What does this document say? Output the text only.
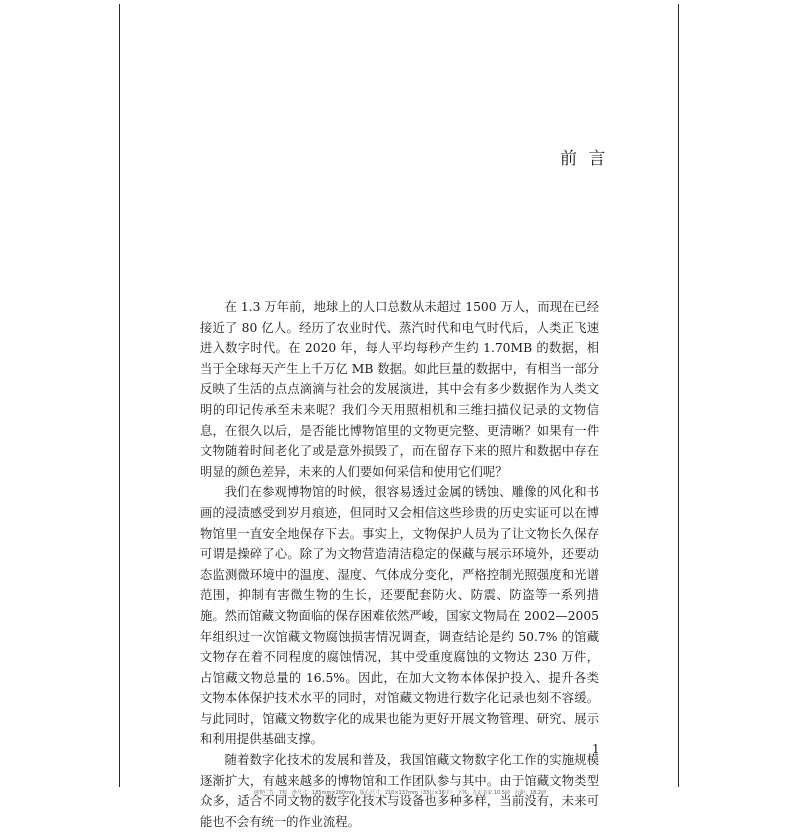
前 言

在 1.3 万年前，地球上的人口总数从未超过 1500 万人，而现在已经接近了 80 亿人。经历了农业时代、蒸汽时代和电气时代后，人类正飞速进入数字时代。在 2020 年，每人平均每秒产生约 1.70MB 的数据，相当于全球每天产生上千万亿 MB 数据。如此巨量的数据中，有相当一部分反映了生活的点点滴滴与社会的发展演进，其中会有多少数据作为人类文明的印记传承至未来呢？我们今天用照相机和三维扫描仪记录的文物信息，在很久以后，是否能比博物馆里的文物更完整、更清晰？如果有一件文物随着时间老化了或是意外损毁了，而在留存下来的照片和数据中存在明显的颜色差异，未来的人们要如何采信和使用它们呢？

我们在参观博物馆的时候，很容易透过金属的锈蚀、雕像的风化和书画的浸渍感受到岁月痕迹，但同时又会相信这些珍贵的历史实证可以在博物馆里一直安全地保存下去。事实上，文物保护人员为了让文物长久保存可谓是操碎了心。除了为文物营造清洁稳定的保藏与展示环境外，还要动态监测微环境中的温度、湿度、气体成分变化，严格控制光照强度和光谱范围，抑制有害微生物的生长，还要配套防火、防震、防盗等一系列措施。然而馆藏文物面临的保存困难依然严峻，国家文物局在 2002—2005 年组织过一次馆藏文物腐蚀损害情况调查，调查结论是约 50.7% 的馆藏文物存在着不同程度的腐蚀情况，其中受重度腐蚀的文物达 230 万件，占馆藏文物总量的 16.5%。因此，在加大文物本体保护投入、提升各类文物本体保护技术水平的同时，对馆藏文物进行数字化记录也刻不容缓。与此同时，馆藏文物数字化的成果也能为更好开展文物管理、研究、展示和利用提供基础支撑。

随着数字化技术的发展和普及，我国馆藏文物数字化工作的实施规模逐渐扩大，有越来越多的博物馆和工作团队参与其中。由于馆藏文物类型众多，适合不同文物的数字化技术与设备也多种多样，当前没有，未来可能也不会有统一的作业流程。

1
纯智广告　7校　净尺寸：185mm×260mm　版心尺寸：210×137mm（33行×36字）　字体：方正书宋 10.5磅　行距：18.2磅
